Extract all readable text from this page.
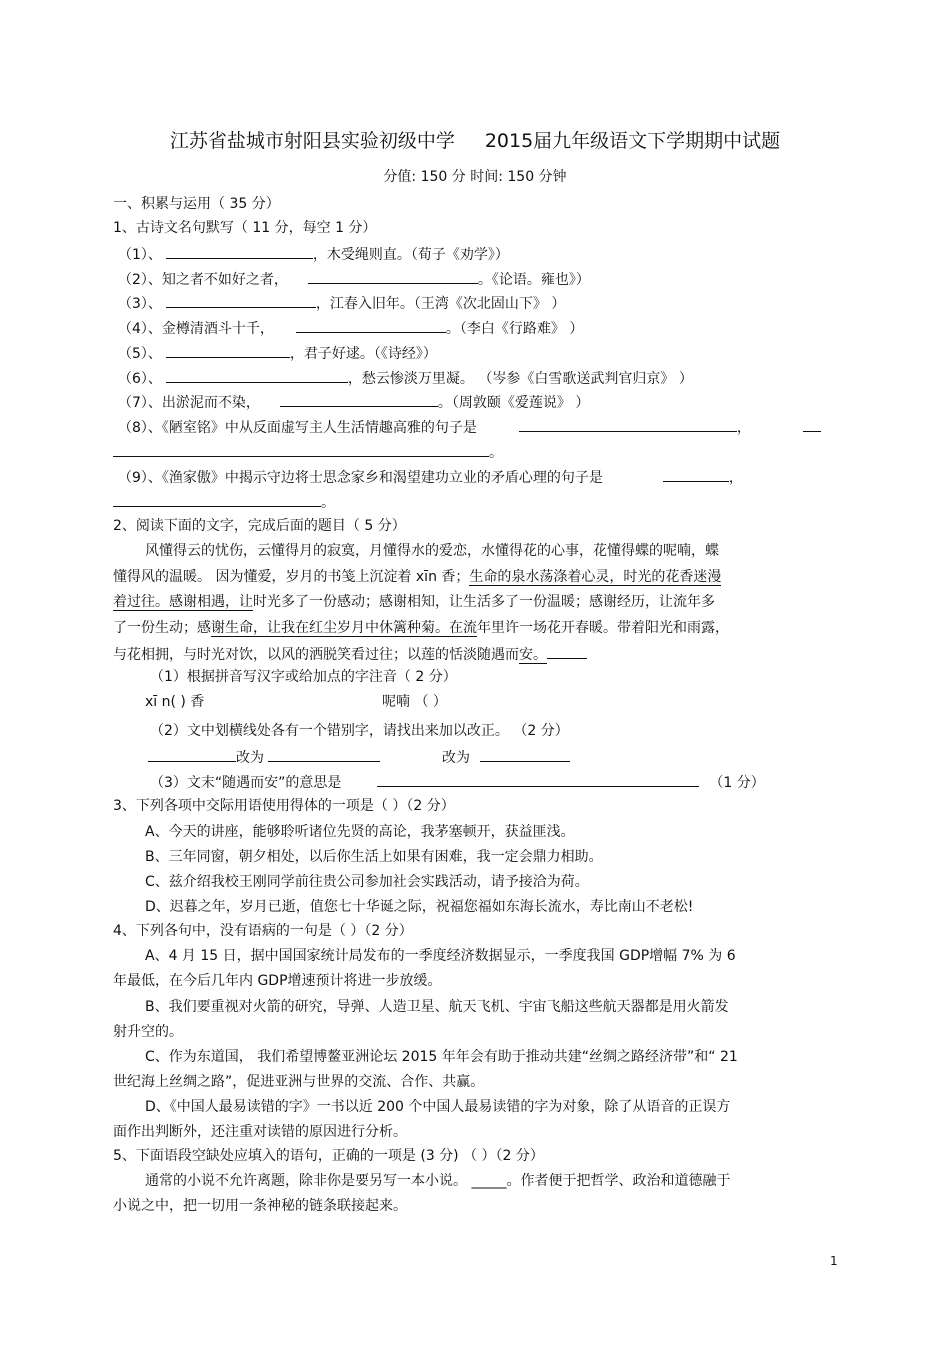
江苏省盐城市射阳县实验初级中学 2015届九年级语文下学期期中试题
分值: 150 分 时间: 150 分钟
一、积累与运用（ 35 分）
1、古诗文名句默写（ 11 分，每空 1 分）
（1）、	，木受绳则直。（荀子《劝学》）
（2）、知之者不如好之者，	。《论语。雍也》）
（3）、	，江春入旧年。（王湾《次北固山下》 ）
（4）、金樽清酒斗十千，	。（李白《行路难》 ）
（5）、	，君子好逑。（《诗经》）
（6）、	，愁云惨淡万里凝。 （岑参《白雪歌送武判官归京》 ）
（7）、出淤泥而不染，	。（周敦颐《爱莲说》 ）
（8）、《陋室铭》中从反面虚写主人生活情趣高雅的句子是	，
。
（9）、《渔家傲》中揭示守边将士思念家乡和渴望建功立业的矛盾心理的句子是	，
。
2、阅读下面的文字，完成后面的题目（ 5 分）
风懂得云的忧伤，云懂得月的寂寞，月懂得水的爱恋，水懂得花的心事，花懂得蝶的呢喃，蝶
懂得风的温暖。 因为懂爱，岁月的书笺上沉淀着 xīn 香；生命的泉水荡涤着心灵，时光的花香迷漫
着过往。感谢相遇，让时光多了一份感动；感谢相知，让生活多了一份温暖；感谢经历，让流年多
了一份生动；感谢生命，让我在红尘岁月中休篱种菊。在流年里许一场花开春暖。带着阳光和雨露，
与花相拥，与时光对饮，以风的洒脱笑看过往；以莲的恬淡随遇而安。
（1）根据拼音写汉字或给加点的字注音（ 2 分）
xī n( ) 香	呢喃 （ ）
（2）文中划横线处各有一个错别字，请找出来加以改正。 （2 分）
改为	改为
（3）文末“随遇而安”的意思是	（1 分）
3、下列各项中交际用语使用得体的一项是（ ）（2 分）
A、今天的讲座，能够聆听诸位先贤的高论，我茅塞顿开，获益匪浅。
B、三年同窗，朝夕相处，以后你生活上如果有困难，我一定会鼎力相助。
C、兹介绍我校王刚同学前往贵公司参加社会实践活动，请予接洽为荷。
D、迟暮之年，岁月已逝，值您七十华诞之际，祝福您福如东海长流水，寿比南山不老松!
4、下列各句中，没有语病的一句是（ ）（2 分）
A、4 月 15 日，据中国国家统计局发布的一季度经济数据显示，一季度我国 GDP增幅 7% 为 6
年最低，在今后几年内 GDP增速预计将进一步放缓。
B、我们要重视对火箭的研究，导弹、人造卫星、航天飞机、宇宙飞船这些航天器都是用火箭发
射升空的。
C、作为东道国， 我们希望博鳌亚洲论坛 2015 年年会有助于推动共建“丝绸之路经济带”和“ 21
世纪海上丝绸之路”，促进亚洲与世界的交流、合作、共赢。
D、《中国人最易读错的字》一书以近 200 个中国人最易读错的字为对象，除了从语音的正误方
面作出判断外，还注重对读错的原因进行分析。
5、下面语段空缺处应填入的语句，正确的一项是 (3 分) （ ）（2 分）
通常的小说不允许离题，除非你是要另写一本小说。 _____。作者便于把哲学、政治和道德融于
小说之中，把一切用一条神秘的链条联接起来。
1
